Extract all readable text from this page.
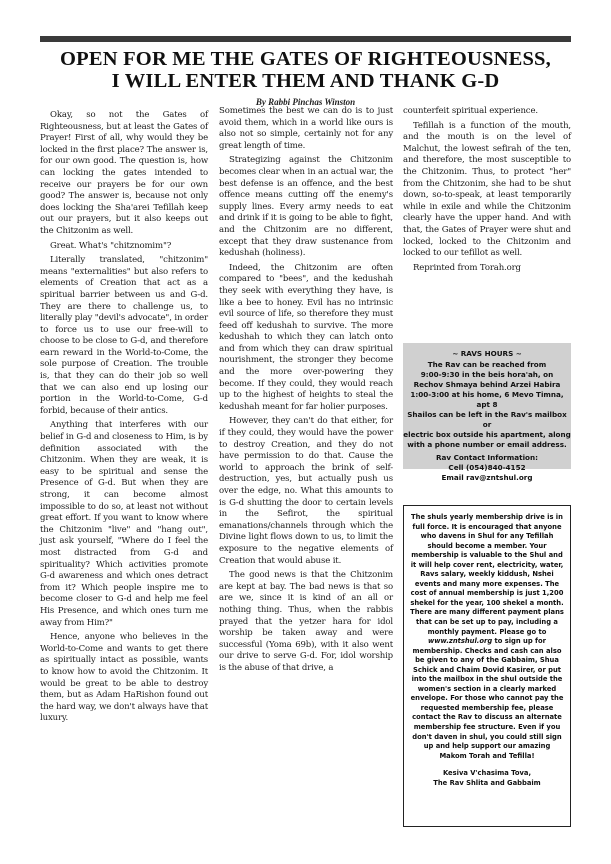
OPEN FOR ME THE GATES OF RIGHTEOUSNESS,
I WILL ENTER THEM AND THANK G-D
By Rabbi Pinchas Winston

Okay, so not the Gates of Righteousness, but at least the Gates of Prayer! First of all, why would they be locked in the first place? The answer is, for our own good. The question is, how can locking the gates intended to receive our prayers be for our own good? The answer is, because not only does locking the Sha'arei Tefillah keep out our prayers, but it also keeps out the Chitzonim as well.

Great. What's "chitznomim"?

Literally translated, "chitzonim" means "externalities" but also refers to elements of Creation that act as a spiritual barrier between us and G-d. They are there to challenge us, to literally play "devil's advocate", in order to force us to use our free-will to choose to be close to G-d, and therefore earn reward in the World-to-Come, the sole purpose of Creation. The trouble is, that they can do their job so well that we can also end up losing our portion in the World-to-Come, G-d forbid, because of their antics.

Anything that interferes with our belief in G-d and closeness to Him, is by definition associated with the Chitzonim. When they are weak, it is easy to be spiritual and sense the Presence of G-d. But when they are strong, it can become almost impossible to do so, at least not without great effort. If you want to know where the Chitzonim "live" and "hang out", just ask yourself, "Where do I feel the most distracted from G-d and spirituality? Which activities promote G-d awareness and which ones detract from it? Which people inspire me to become closer to G-d and help me feel His Presence, and which ones turn me away from Him?"

Hence, anyone who believes in the World-to-Come and wants to get there as spiritually intact as possible, wants to know how to avoid the Chitzonim. It would be great to be able to destroy them, but as Adam HaRishon found out the hard way, we don't always have that luxury.

Sometimes the best we can do is to just avoid them, which in a world like ours is also not so simple, certainly not for any great length of time.

Strategizing against the Chitzonim becomes clear when in an actual war, the best defense is an offence, and the best offence means cutting off the enemy's supply lines. Every army needs to eat and drink if it is going to be able to fight, and the Chitzonim are no different, except that they draw sustenance from kedushah (holiness).

Indeed, the Chitzonim are often compared to "bees", and the kedushah they seek with everything they have, is like a bee to honey. Evil has no intrinsic evil source of life, so therefore they must feed off kedushah to survive. The more kedushah to which they can latch onto and from which they can draw spiritual nourishment, the stronger they become and the more over-powering they become. If they could, they would reach up to the highest of heights to steal the kedushah meant for far holier purposes.

However, they can't do that either, for if they could, they would have the power to destroy Creation, and they do not have permission to do that. Cause the world to approach the brink of self-destruction, yes, but actually push us over the edge, no. What this amounts to is G-d shutting the door to certain levels in the Sefirot, the spiritual emanations/channels through which the Divine light flows down to us, to limit the exposure to the negative elements of Creation that would abuse it.

The good news is that the Chitzonim are kept at bay. The bad news is that so are we, since it is kind of an all or nothing thing. Thus, when the rabbis prayed that the yetzer hara for idol worship be taken away and were successful (Yoma 69b), with it also went our drive to serve G-d. For, idol worship is the abuse of that drive, a

counterfeit spiritual experience.

Tefillah is a function of the mouth, and the mouth is on the level of Malchut, the lowest sefirah of the ten, and therefore, the most susceptible to the Chitzonim. Thus, to protect "her" from the Chitzonim, she had to be shut down, so-to-speak, at least temporarily while in exile and while the Chitzonim clearly have the upper hand. And with that, the Gates of Prayer were shut and locked, locked to the Chitzonim and locked to our tefillot as well.

Reprinted from Torah.org

~ RAVS HOURS ~
The Rav can be reached from
9:00-9:30 in the beis hora'ah, on
Rechov Shmaya behind Arzei Habira
1:00-3:00 at his home, 6 Mevo Timna, apt 8
Shailos can be left in the Rav's mailbox or
electric box outside his apartment, along
with a phone number or email address.
Rav Contact Information:
Cell (054)840-4152
Email rav@zntshul.org
The shuls yearly membership drive is in full force. It is encouraged that anyone who davens in Shul for any Tefillah should become a member. Your membership is valuable to the Shul and it will help cover rent, electricity, water, Ravs salary, weekly kiddush, Nshei events and many more expenses. The cost of annual membership is just 1,200 shekel for the year, 100 shekel a month. There are many different payment plans that can be set up to pay, including a monthly payment. Please go to www.zntshul.org to sign up for membership. Checks and cash can also be given to any of the Gabbaim, Shua Schick and Chaim Dovid Kasirer, or put into the mailbox in the shul outside the women's section in a clearly marked envelope. For those who cannot pay the requested membership fee, please contact the Rav to discuss an alternate membership fee structure. Even if you don't daven in shul, you could still sign up and help support our amazing Makom Torah and Tefilla!
Kesiva V'chasima Tova,
The Rav Shlita and Gabbaim
